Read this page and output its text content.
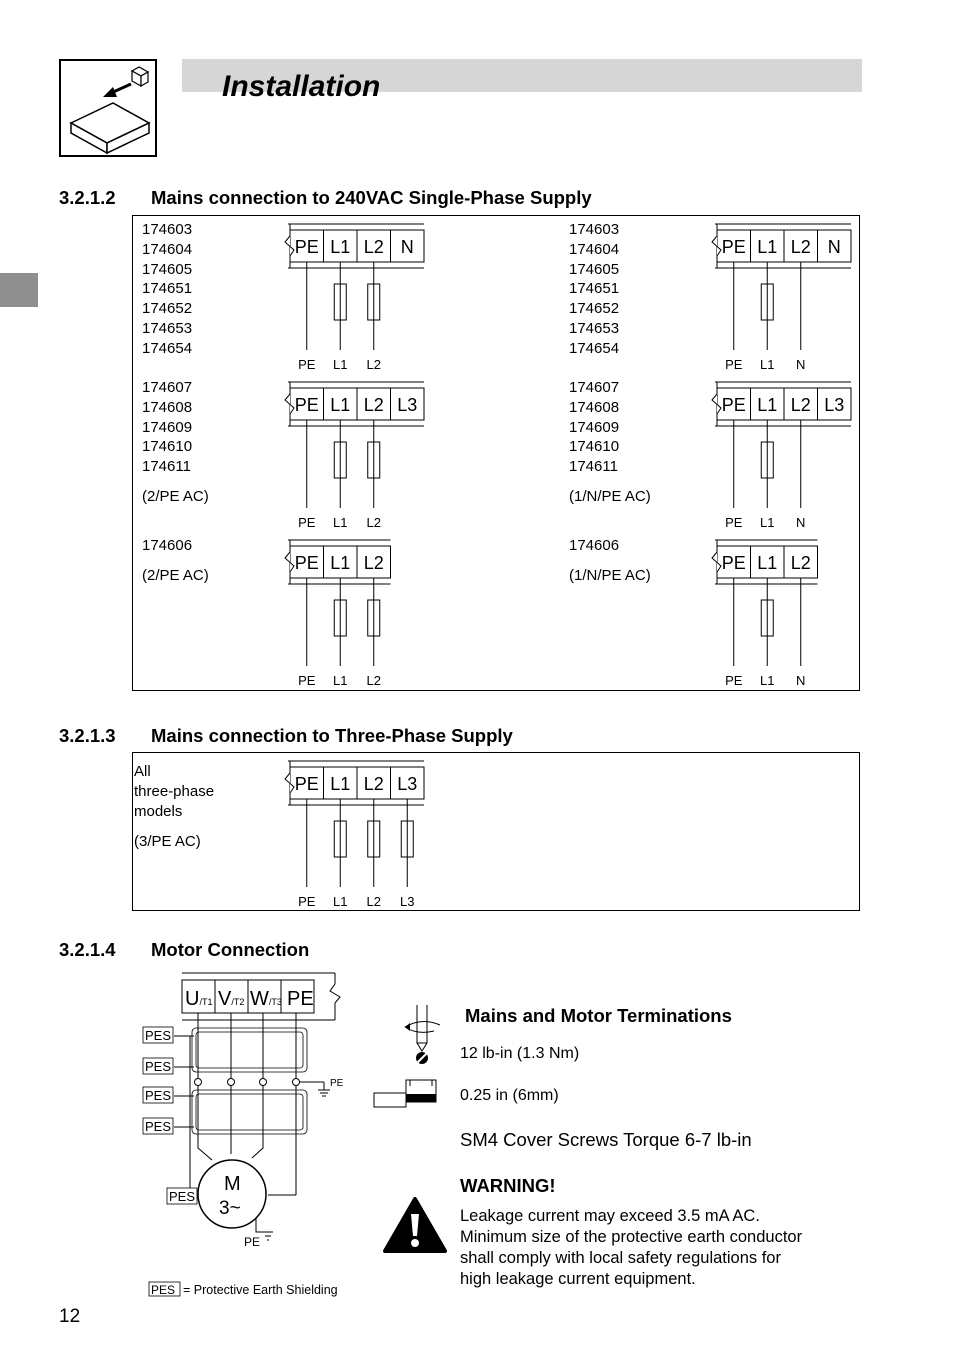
Installation
3.2.1.2 Mains connection to 240VAC Single-Phase Supply
174603
174604
174605
174651
174652
174653
174654
174607
174608
174609
174610
174611
(2/PE AC)
174606
(2/PE AC)
174603
174604
174605
174651
174652
174653
174654
174607
174608
174609
174610
174611
(1/N/PE AC)
174606
(1/N/PE AC)
PE L1 L2 N
PE L1 L2
PE L1 L2 L3
PE L1 L2
PE L1 L2
PE L1 L2
PE L1 L2 N
PE L1 N
PE L1 L2 L3
PE L1 N
PE L1 L2
PE L1 N
PE L1 L2 L3
PE L1 L2 L3
3.2.1.3 Mains connection to Three-Phase Supply
All
three-phase
models
(3/PE AC)
3.2.1.4 Motor Connection
U/T1 V/T2 W/T3 PE
PE
PES
PES
PES
PES
PES
M
3~
PE
PES = Protective Earth Shielding
Mains and Motor Terminations
12 lb-in (1.3 Nm)
0.25 in (6mm)
SM4 Cover Screws Torque 6-7 lb-in
WARNING!
Leakage current may exceed 3.5 mA AC.
Minimum size of the protective earth conductor
shall comply with local safety regulations for
high leakage current equipment.
12
